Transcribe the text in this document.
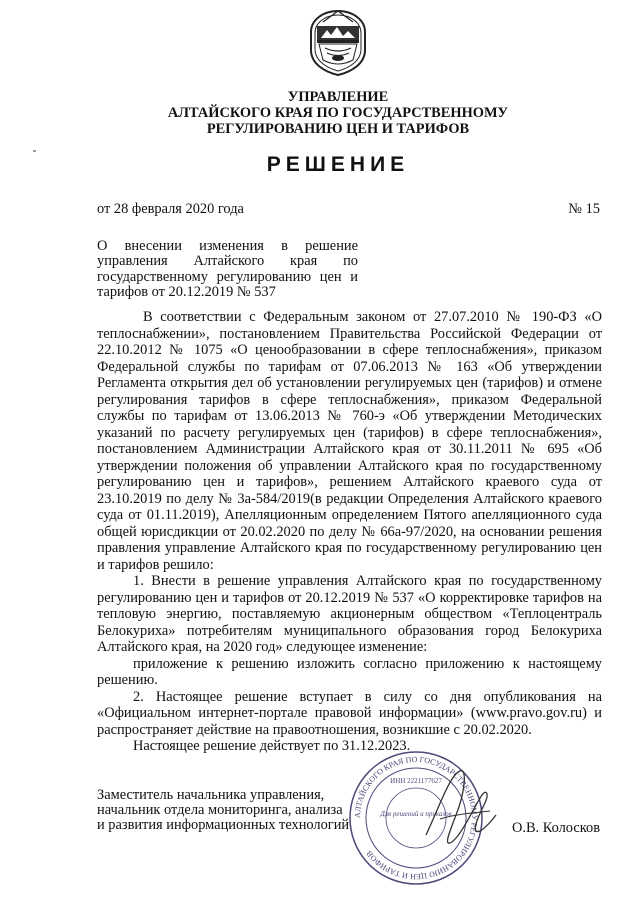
УПРАВЛЕНИЕ
АЛТАЙСКОГО КРАЯ ПО ГОСУДАРСТВЕННОМУ
РЕГУЛИРОВАНИЮ ЦЕН И ТАРИФОВ
РЕШЕНИЕ
от 28 февраля 2020 года	№ 15
О внесении изменения в решение управления Алтайского края по государственному регулированию цен и тарифов от 20.12.2019 № 537

В соответствии с Федеральным законом от 27.07.2010 № 190-ФЗ «О теплоснабжении», постановлением Правительства Российской Федерации от 22.10.2012 № 1075 «О ценообразовании в сфере теплоснабжения», приказом Федеральной службы по тарифам от 07.06.2013 № 163 «Об утверждении Регламента открытия дел об установлении регулируемых цен (тарифов) и отмене регулирования тарифов в сфере теплоснабжения», приказом Федеральной службы по тарифам от 13.06.2013 № 760-э «Об утверждении Методических указаний по расчету регулируемых цен (тарифов) в сфере теплоснабжения», постановлением Администрации Алтайского края от 30.11.2011 № 695 «Об утверждении положения об управлении Алтайского края по государственному регулированию цен и тарифов», решением Алтайского краевого суда от 23.10.2019 по делу № 3а-584/2019(в редакции Определения Алтайского краевого суда от 01.11.2019), Апелляционным определением Пятого апелляционного суда общей юрисдикции от 20.02.2020 по делу № 66а-97/2020, на основании решения правления управление Алтайского края по государственному регулированию цен и тарифов решило:

1. Внести в решение управления Алтайского края по государственному регулированию цен и тарифов от 20.12.2019 № 537 «О корректировке тарифов на тепловую энергию, поставляемую акционерным обществом «Теплоцентраль Белокуриха» потребителям муниципального образования город Белокуриха Алтайского края, на 2020 год» следующее изменение:

приложение к решению изложить согласно приложению к настоящему решению.

2. Настоящее решение вступает в силу со дня опубликования на «Официальном интернет-портале правовой информации» (www.pravo.gov.ru) и распространяет действие на правоотношения, возникшие с 20.02.2020.

Настоящее решение действует по 31.12.2023.

Заместитель начальника управления,
начальник отдела мониторинга, анализа
и развития информационных технологий	О.В. Колосков
АЛТАЙСКОГО КРАЯ ПО ГОСУДАРСТВЕННОМУ РЕГУЛИРОВАНИЮ ЦЕН И ТАРИФОВ
ИНН 2221177627
Для решений и приказов
